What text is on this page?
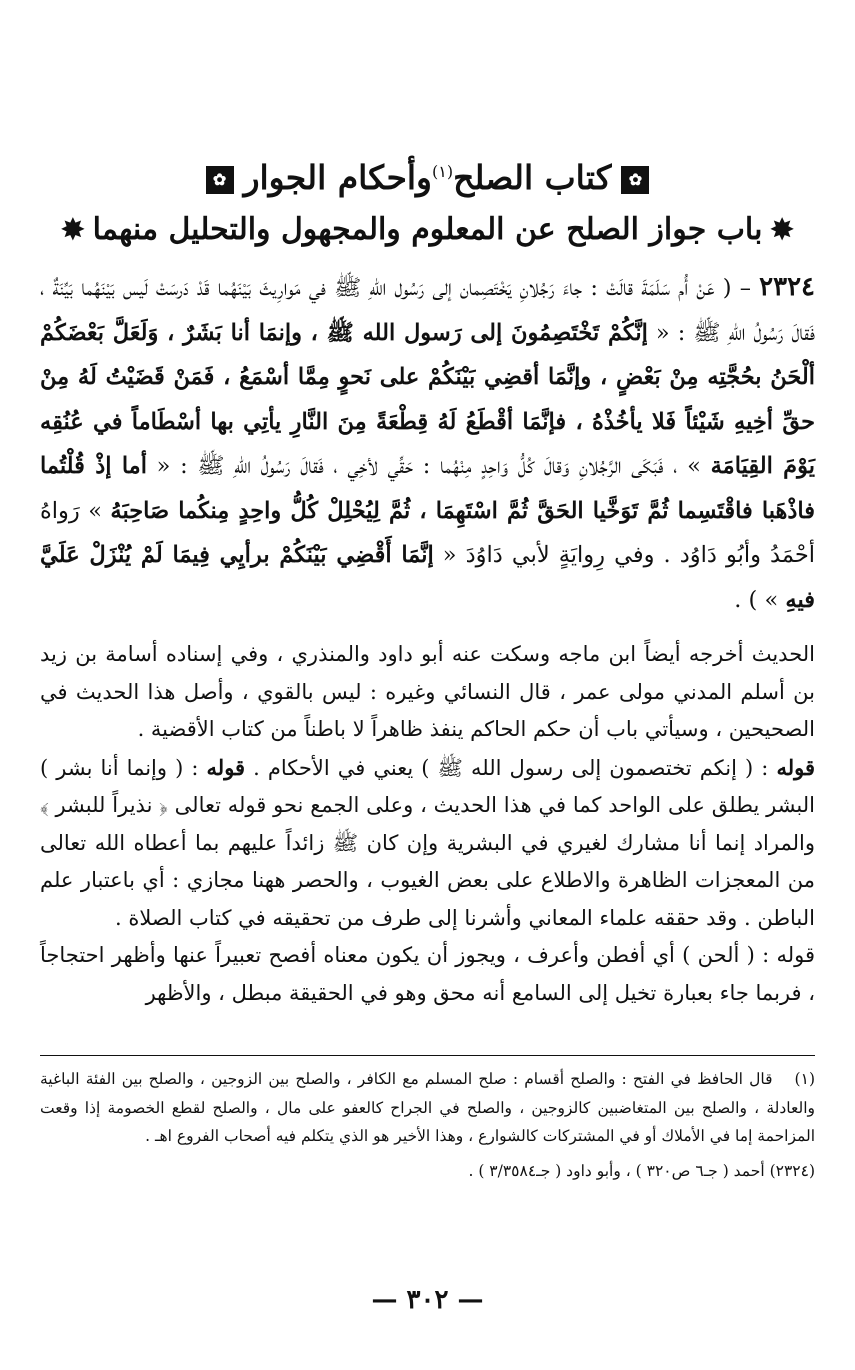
✿كتاب الصلح$^{(١)}$وأحكام الجوار✿
✸باب جواز الصلح عن المعلوم والمجهول والتحليل منهما✸
٢٣٢٤ – ( عَنْ أُم سَلَمَةَ قالَتْ : جاءَ رَجُلانِ يَخْتَصِمان إلى رَسُول اللهِ ﷺ في مَوارِيثَ بَيْنَهُما قَدْ دَرسَتْ لَيس بَيْنَهُما بَيِّنَةٌ ، فَقالَ رَسُولُ اللهِ ﷺ : « إنَّكُمْ تَخْتَصِمُونَ إلى رَسول الله ﷺ ، وإنمَا أنا بَشَرٌ ، وَلَعَلَّ بَعْضَكُمْ ألْحَنُ بحُجَّتِه مِنْ بَعْضٍ ، وإنَّمَا أقضِي بَيْنَكُمْ على نَحوٍ مِمَّا أسْمَعُ ، فَمَنْ قَضَيْتُ لَهُ مِنْ حقِّ أخِيهِ شَيْئاً فَلا يأخُذْهُ ، فإنَّمَا أقْطَعُ لَهُ قِطْعَةً مِنَ النَّارِ يأتِي بها أسْطَاماً في عُنُقِه يَوْمَ القِيَامَة » ، فَبَكَى الرَّجُلانِ وَقالَ كُلُّ وَاحِدٍ مِنْهُما : حَقِّي لأخِي ، فَقالَ رَسُولُ اللهِ ﷺ : « أما إذْ قُلْتُما فاذْهَبا فاقْتَسِما ثُمَّ تَوَخَّيا الحَقَّ ثُمَّ اسْتَهِمَا ، ثُمَّ لِيُحْلِلْ كُلُّ واحِدٍ مِنكُما صَاحِبَهُ » رَواهُ أحْمَدُ وأبُو دَاوُد . وفي رِوايَةٍ لأبي دَاوُدَ « إنَّمَا أَقْضِي بَيْنَكُمْ برأيِي فِيمَا لَمْ يُنْزَلْ عَلَيَّ فيهِ » ) .

الحديث أخرجه أيضاً ابن ماجه وسكت عنه أبو داود والمنذري ، وفي إسناده أسامة بن زيد بن أسلم المدني مولى عمر ، قال النسائي وغيره : ليس بالقوي ، وأصل هذا الحديث في الصحيحين ، وسيأتي باب أن حكم الحاكم ينفذ ظاهراً لا باطناً من كتاب الأقضية .

قوله : ( إنكم تختصمون إلى رسول الله ﷺ ) يعني في الأحكام . قوله : ( وإنما أنا بشر ) البشر يطلق على الواحد كما في هذا الحديث ، وعلى الجمع نحو قوله تعالى ﴿ نذيراً للبشر ﴾ والمراد إنما أنا مشارك لغيري في البشرية وإن كان ﷺ زائداً عليهم بما أعطاه الله تعالى من المعجزات الظاهرة والاطلاع على بعض الغيوب ، والحصر ههنا مجازي : أي باعتبار علم الباطن . وقد حققه علماء المعاني وأشرنا إلى طرف من تحقيقه في كتاب الصلاة .

قوله : ( ألحن ) أي أفطن وأعرف ، ويجوز أن يكون معناه أفصح تعبيراً عنها وأظهر احتجاجاً ، فربما جاء بعبارة تخيل إلى السامع أنه محق وهو في الحقيقة مبطل ، والأظهر

(١)قال الحافظ في الفتح : والصلح أقسام : صلح المسلم مع الكافر ، والصلح بين الزوجين ، والصلح بين الفئة الباغية والعادلة ، والصلح بين المتغاضبين كالزوجين ، والصلح في الجراح كالعفو على مال ، والصلح لقطع الخصومة إذا وقعت المزاحمة إما في الأملاك أو في المشتركات كالشوارع ، وهذا الأخير هو الذي يتكلم فيه أصحاب الفروع اهـ .

(٢٣٢٤) أحمد ( جـ٦ ص٣٢٠ ) ، وأبو داود ( جـ٣/٣٥٨٤ ) .

— ٣٠٢ —
